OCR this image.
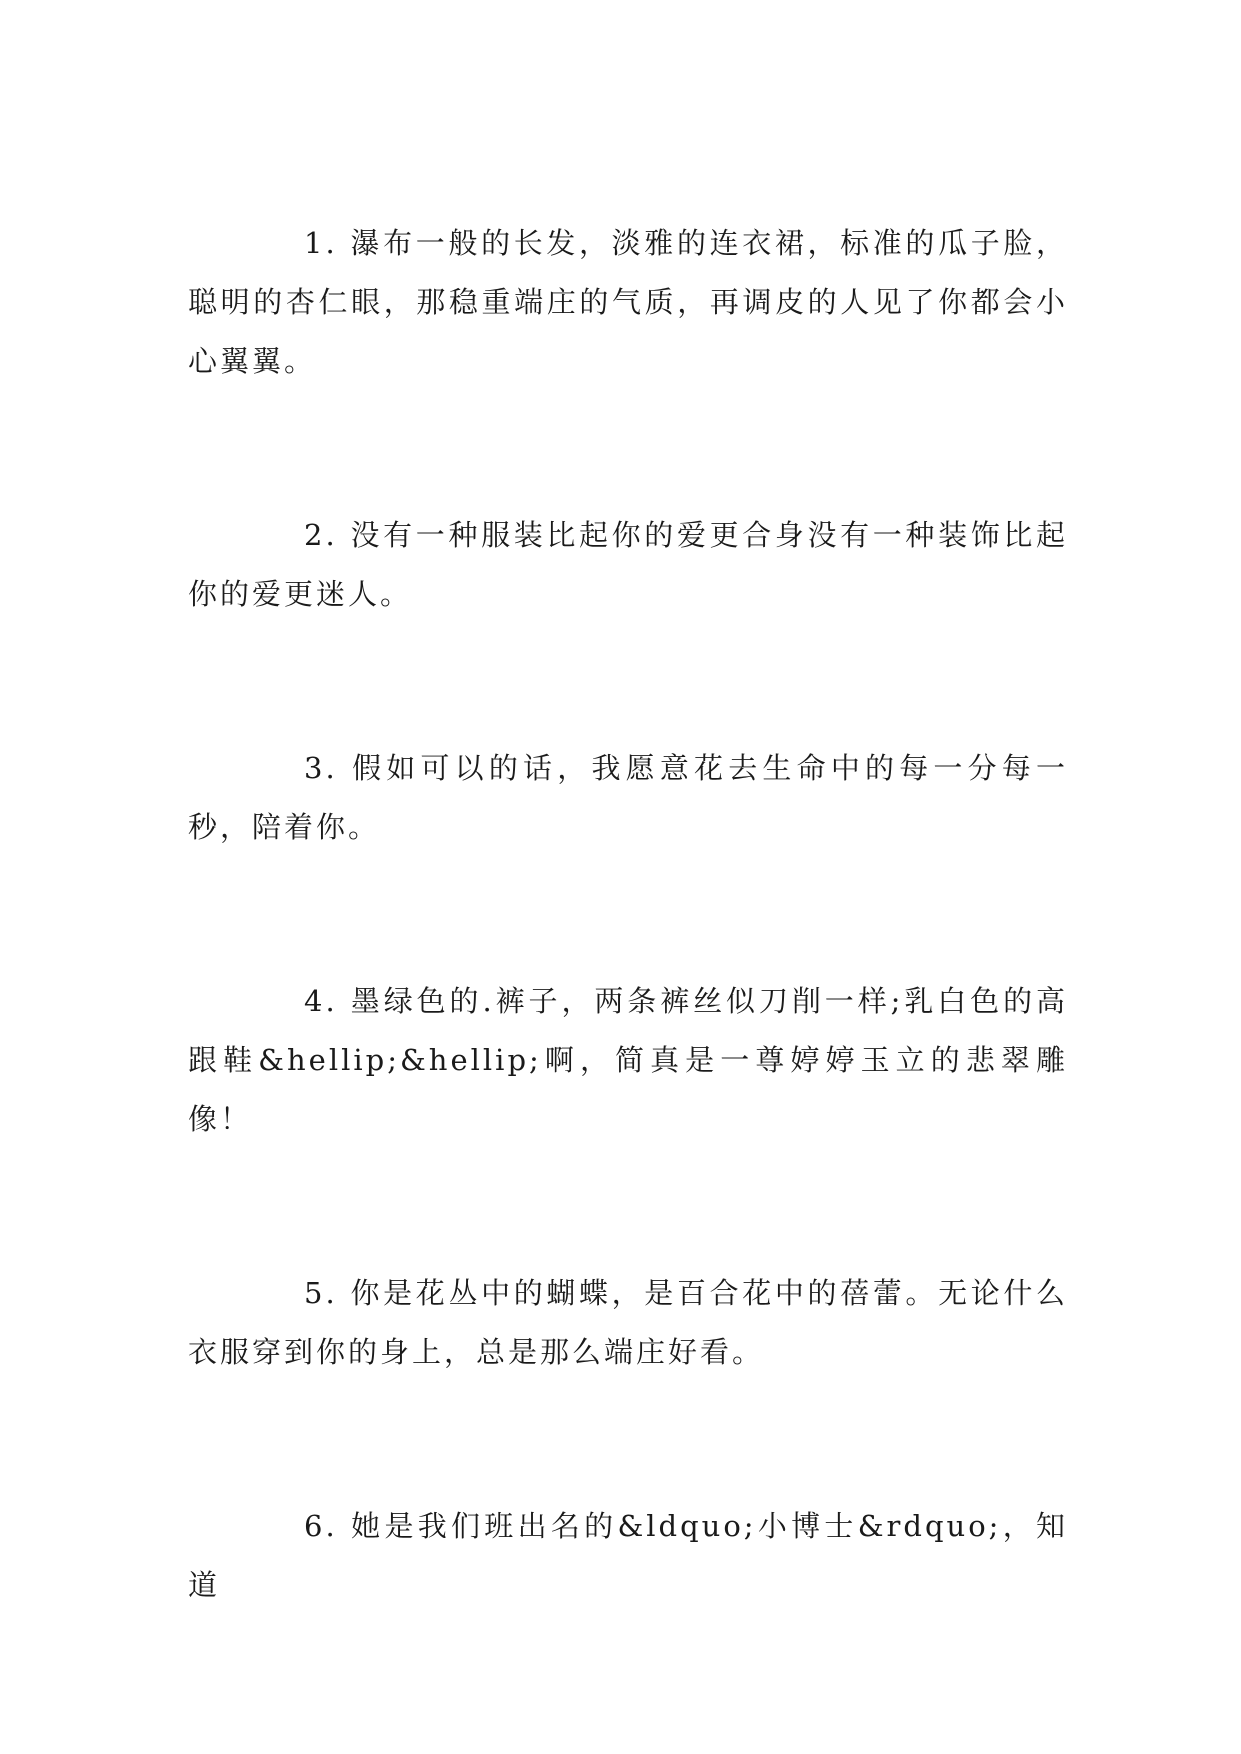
1. 瀑布一般的长发，淡雅的连衣裙，标准的瓜子脸，聪明的杏仁眼，那稳重端庄的气质，再调皮的人见了你都会小心翼翼。

2. 没有一种服装比起你的爱更合身没有一种装饰比起你的爱更迷人。

3. 假如可以的话，我愿意花去生命中的每一分每一秒，陪着你。

4. 墨绿色的.裤子，两条裤丝似刀削一样;乳白色的高跟鞋&hellip;&hellip;啊，简真是一尊婷婷玉立的悲翠雕像！

5. 你是花丛中的蝴蝶，是百合花中的蓓蕾。无论什么衣服穿到你的身上，总是那么端庄好看。

6. 她是我们班出名的&ldquo;小博士&rdquo;，知道
